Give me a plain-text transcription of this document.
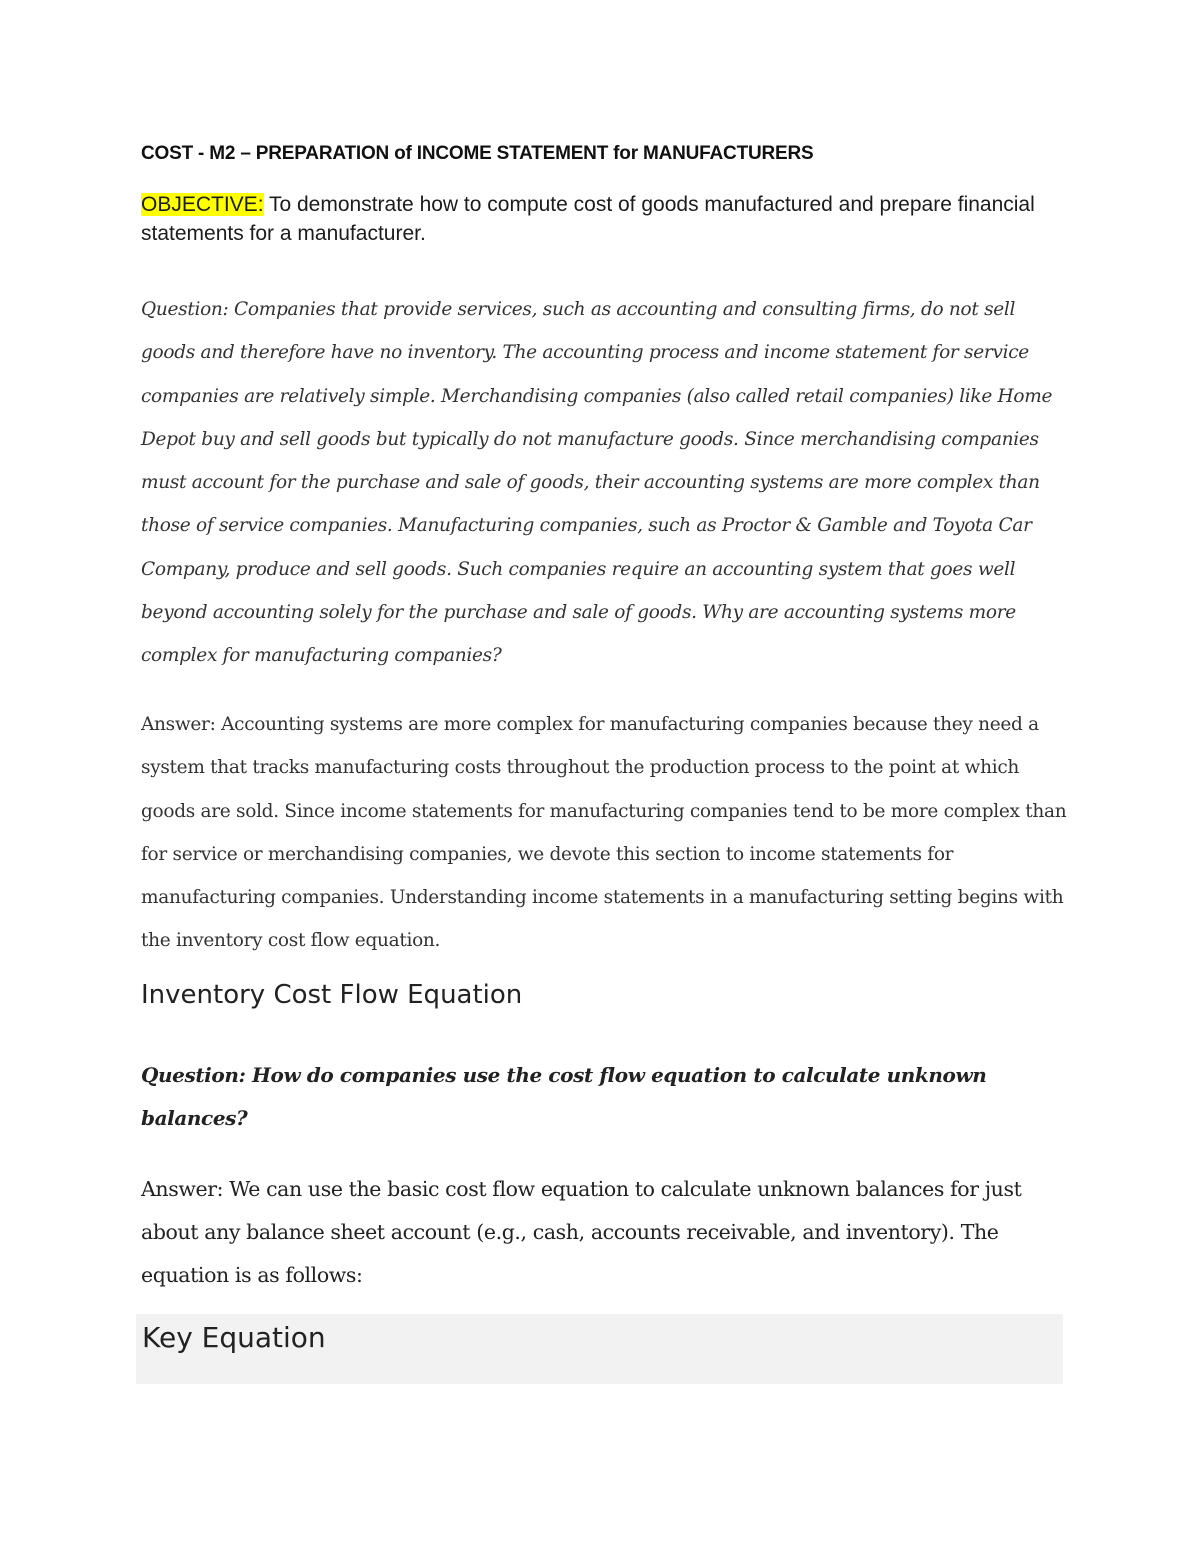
COST - M2 – PREPARATION of INCOME STATEMENT for MANUFACTURERS

OBJECTIVE: To demonstrate how to compute cost of goods manufactured and prepare financial statements for a manufacturer.

Question: Companies that provide services, such as accounting and consulting firms, do not sell goods and therefore have no inventory. The accounting process and income statement for service companies are relatively simple. Merchandising companies (also called retail companies) like Home Depot buy and sell goods but typically do not manufacture goods. Since merchandising companies must account for the purchase and sale of goods, their accounting systems are more complex than those of service companies. Manufacturing companies, such as Proctor & Gamble and Toyota Car Company, produce and sell goods. Such companies require an accounting system that goes well beyond accounting solely for the purchase and sale of goods. Why are accounting systems more complex for manufacturing companies?

Answer: Accounting systems are more complex for manufacturing companies because they need a system that tracks manufacturing costs throughout the production process to the point at which goods are sold. Since income statements for manufacturing companies tend to be more complex than for service or merchandising companies, we devote this section to income statements for manufacturing companies. Understanding income statements in a manufacturing setting begins with the inventory cost flow equation.

Inventory Cost Flow Equation

Question: How do companies use the cost flow equation to calculate unknown balances?

Answer: We can use the basic cost flow equation to calculate unknown balances for just about any balance sheet account (e.g., cash, accounts receivable, and inventory). The equation is as follows:

Key Equation
